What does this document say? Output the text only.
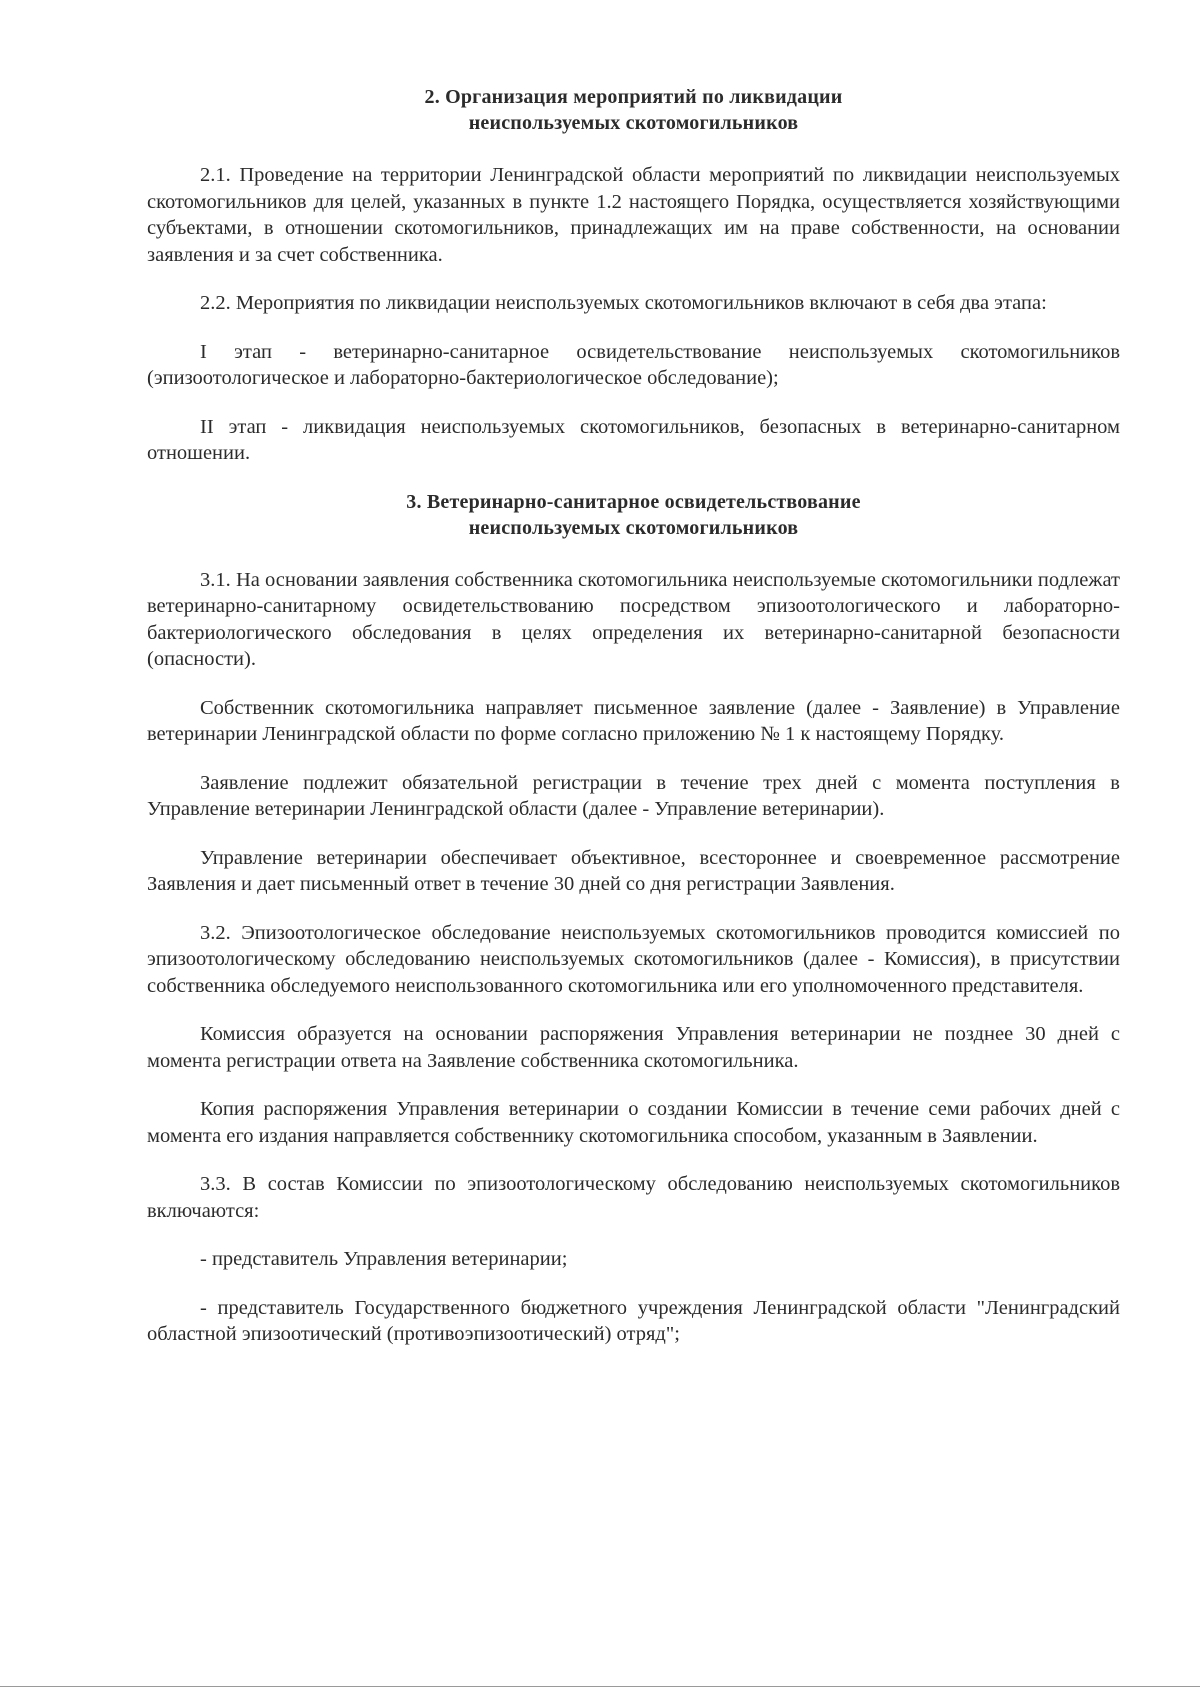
2. Организация мероприятий по ликвидации
неиспользуемых скотомогильников

2.1. Проведение на территории Ленинградской области мероприятий по ликвидации неиспользуемых скотомогильников для целей, указанных в пункте 1.2 настоящего Порядка, осуществляется хозяйствующими субъектами, в отношении скотомогильников, принадлежащих им на праве собственности, на основании заявления и за счет собственника.

2.2. Мероприятия по ликвидации неиспользуемых скотомогильников включают в себя два этапа:

I этап - ветеринарно-санитарное освидетельствование неиспользуемых скотомогильников (эпизоотологическое и лабораторно-бактериологическое обследование);

II этап - ликвидация неиспользуемых скотомогильников, безопасных в ветеринарно-санитарном отношении.

3. Ветеринарно-санитарное освидетельствование
неиспользуемых скотомогильников

3.1. На основании заявления собственника скотомогильника неиспользуемые скотомогильники подлежат ветеринарно-санитарному освидетельствованию посредством эпизоотологического и лабораторно-бактериологического обследования в целях определения их ветеринарно-санитарной безопасности (опасности).

Собственник скотомогильника направляет письменное заявление (далее - Заявление) в Управление ветеринарии Ленинградской области по форме согласно приложению № 1 к настоящему Порядку.

Заявление подлежит обязательной регистрации в течение трех дней с момента поступления в Управление ветеринарии Ленинградской области (далее - Управление ветеринарии).

Управление ветеринарии обеспечивает объективное, всестороннее и своевременное рассмотрение Заявления и дает письменный ответ в течение 30 дней со дня регистрации Заявления.

3.2. Эпизоотологическое обследование неиспользуемых скотомогильников проводится комиссией по эпизоотологическому обследованию неиспользуемых скотомогильников (далее - Комиссия), в присутствии собственника обследуемого неиспользованного скотомогильника или его уполномоченного представителя.

Комиссия образуется на основании распоряжения Управления ветеринарии не позднее 30 дней с момента регистрации ответа на Заявление собственника скотомогильника.

Копия распоряжения Управления ветеринарии о создании Комиссии в течение семи рабочих дней с момента его издания направляется собственнику скотомогильника способом, указанным в Заявлении.

3.3. В состав Комиссии по эпизоотологическому обследованию неиспользуемых скотомогильников включаются:

- представитель Управления ветеринарии;

- представитель Государственного бюджетного учреждения Ленинградской области "Ленинградский областной эпизоотический (противоэпизоотический) отряд";
